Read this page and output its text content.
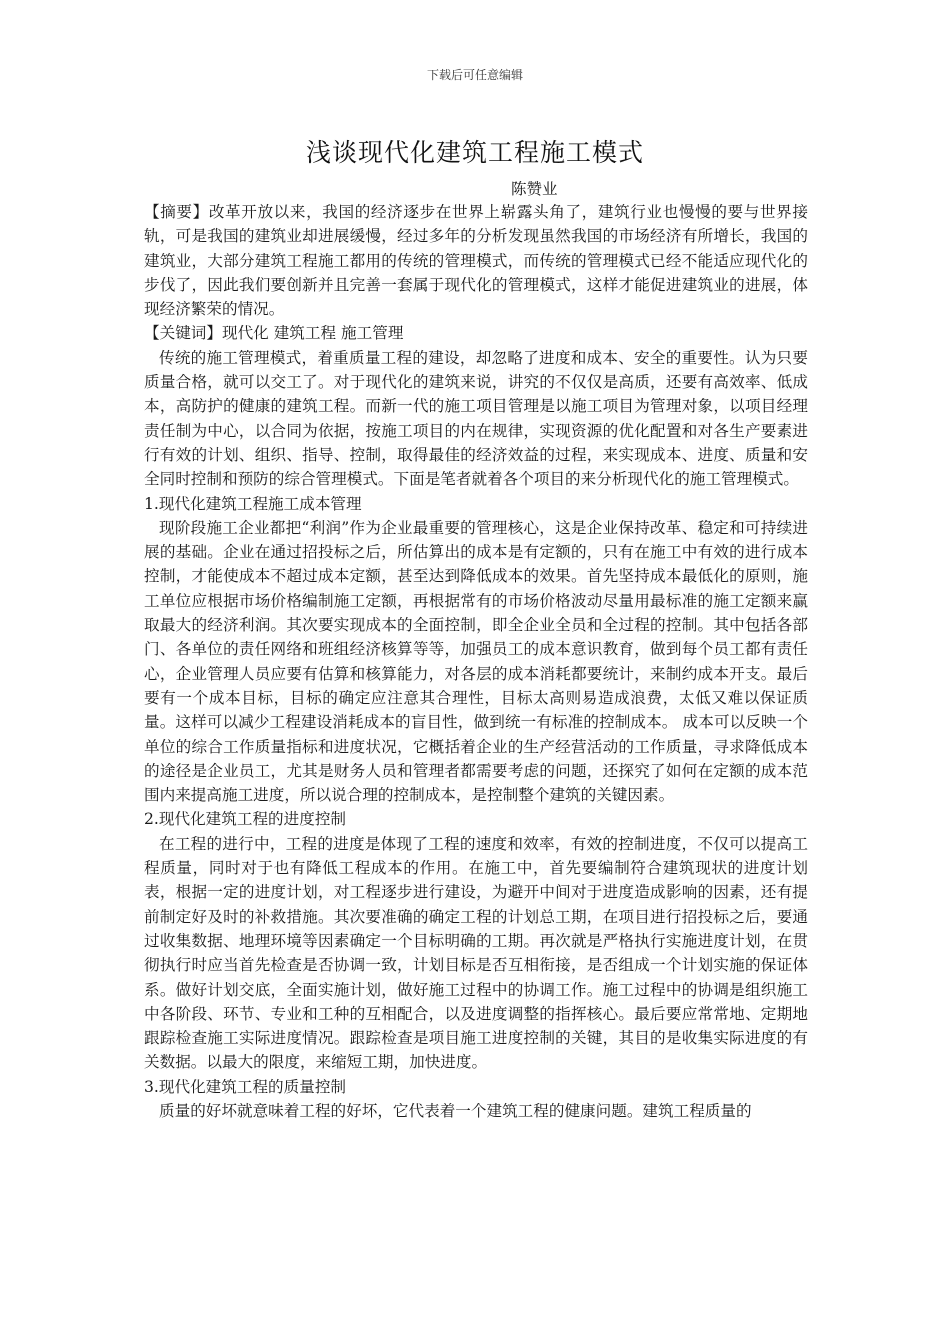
下载后可任意编辑
浅谈现代化建筑工程施工模式
陈赞业

【摘要】改革开放以来，我国的经济逐步在世界上崭露头角了，建筑行业也慢慢的要与世界接轨，可是我国的建筑业却进展缓慢，经过多年的分析发现虽然我国的市场经济有所增长，我国的建筑业，大部分建筑工程施工都用的传统的管理模式，而传统的管理模式已经不能适应现代化的步伐了，因此我们要创新并且完善一套属于现代化的管理模式，这样才能促进建筑业的进展，体现经济繁荣的情况。

【关键词】现代化 建筑工程 施工管理

传统的施工管理模式，着重质量工程的建设，却忽略了进度和成本、安全的重要性。认为只要质量合格，就可以交工了。对于现代化的建筑来说，讲究的不仅仅是高质，还要有高效率、低成本，高防护的健康的建筑工程。而新一代的施工项目管理是以施工项目为管理对象，以项目经理责任制为中心，以合同为依据，按施工项目的内在规律，实现资源的优化配置和对各生产要素进行有效的计划、组织、指导、控制，取得最佳的经济效益的过程，来实现成本、进度、质量和安全同时控制和预防的综合管理模式。下面是笔者就着各个项目的来分析现代化的施工管理模式。

1.现代化建筑工程施工成本管理

现阶段施工企业都把“利润”作为企业最重要的管理核心，这是企业保持改革、稳定和可持续进展的基础。企业在通过招投标之后，所估算出的成本是有定额的，只有在施工中有效的进行成本控制，才能使成本不超过成本定额，甚至达到降低成本的效果。首先坚持成本最低化的原则，施工单位应根据市场价格编制施工定额，再根据常有的市场价格波动尽量用最标准的施工定额来赢取最大的经济利润。其次要实现成本的全面控制，即全企业全员和全过程的控制。其中包括各部门、各单位的责任网络和班组经济核算等等，加强员工的成本意识教育，做到每个员工都有责任心，企业管理人员应要有估算和核算能力，对各层的成本消耗都要统计，来制约成本开支。最后要有一个成本目标，目标的确定应注意其合理性，目标太高则易造成浪费，太低又难以保证质量。这样可以减少工程建设消耗成本的盲目性，做到统一有标准的控制成本。 成本可以反映一个单位的综合工作质量指标和进度状况，它概括着企业的生产经营活动的工作质量，寻求降低成本的途径是企业员工，尤其是财务人员和管理者都需要考虑的问题，还探究了如何在定额的成本范围内来提高施工进度，所以说合理的控制成本，是控制整个建筑的关键因素。

2.现代化建筑工程的进度控制

在工程的进行中，工程的进度是体现了工程的速度和效率，有效的控制进度，不仅可以提高工程质量，同时对于也有降低工程成本的作用。在施工中，首先要编制符合建筑现状的进度计划表，根据一定的进度计划，对工程逐步进行建设，为避开中间对于进度造成影响的因素，还有提前制定好及时的补救措施。其次要准确的确定工程的计划总工期，在项目进行招投标之后，要通过收集数据、地理环境等因素确定一个目标明确的工期。再次就是严格执行实施进度计划，在贯彻执行时应当首先检查是否协调一致，计划目标是否互相衔接，是否组成一个计划实施的保证体系。做好计划交底，全面实施计划，做好施工过程中的协调工作。施工过程中的协调是组织施工中各阶段、环节、专业和工种的互相配合，以及进度调整的指挥核心。最后要应常常地、定期地跟踪检查施工实际进度情况。跟踪检查是项目施工进度控制的关键，其目的是收集实际进度的有关数据。以最大的限度，来缩短工期，加快进度。

3.现代化建筑工程的质量控制

质量的好坏就意味着工程的好坏，它代表着一个建筑工程的健康问题。建筑工程质量的
